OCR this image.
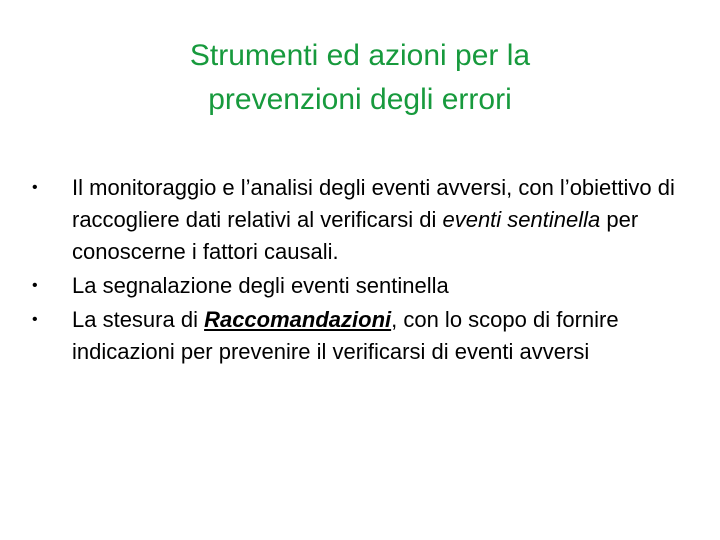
Strumenti ed azioni per la
prevenzioni degli errori
• Il monitoraggio e l’analisi degli eventi avversi, con l’obiettivo di raccogliere dati relativi al verificarsi di eventi sentinella per conoscerne i fattori causali.
• La segnalazione degli eventi sentinella
• La stesura di Raccomandazioni, con lo scopo di fornire indicazioni per prevenire il verificarsi di eventi avversi
